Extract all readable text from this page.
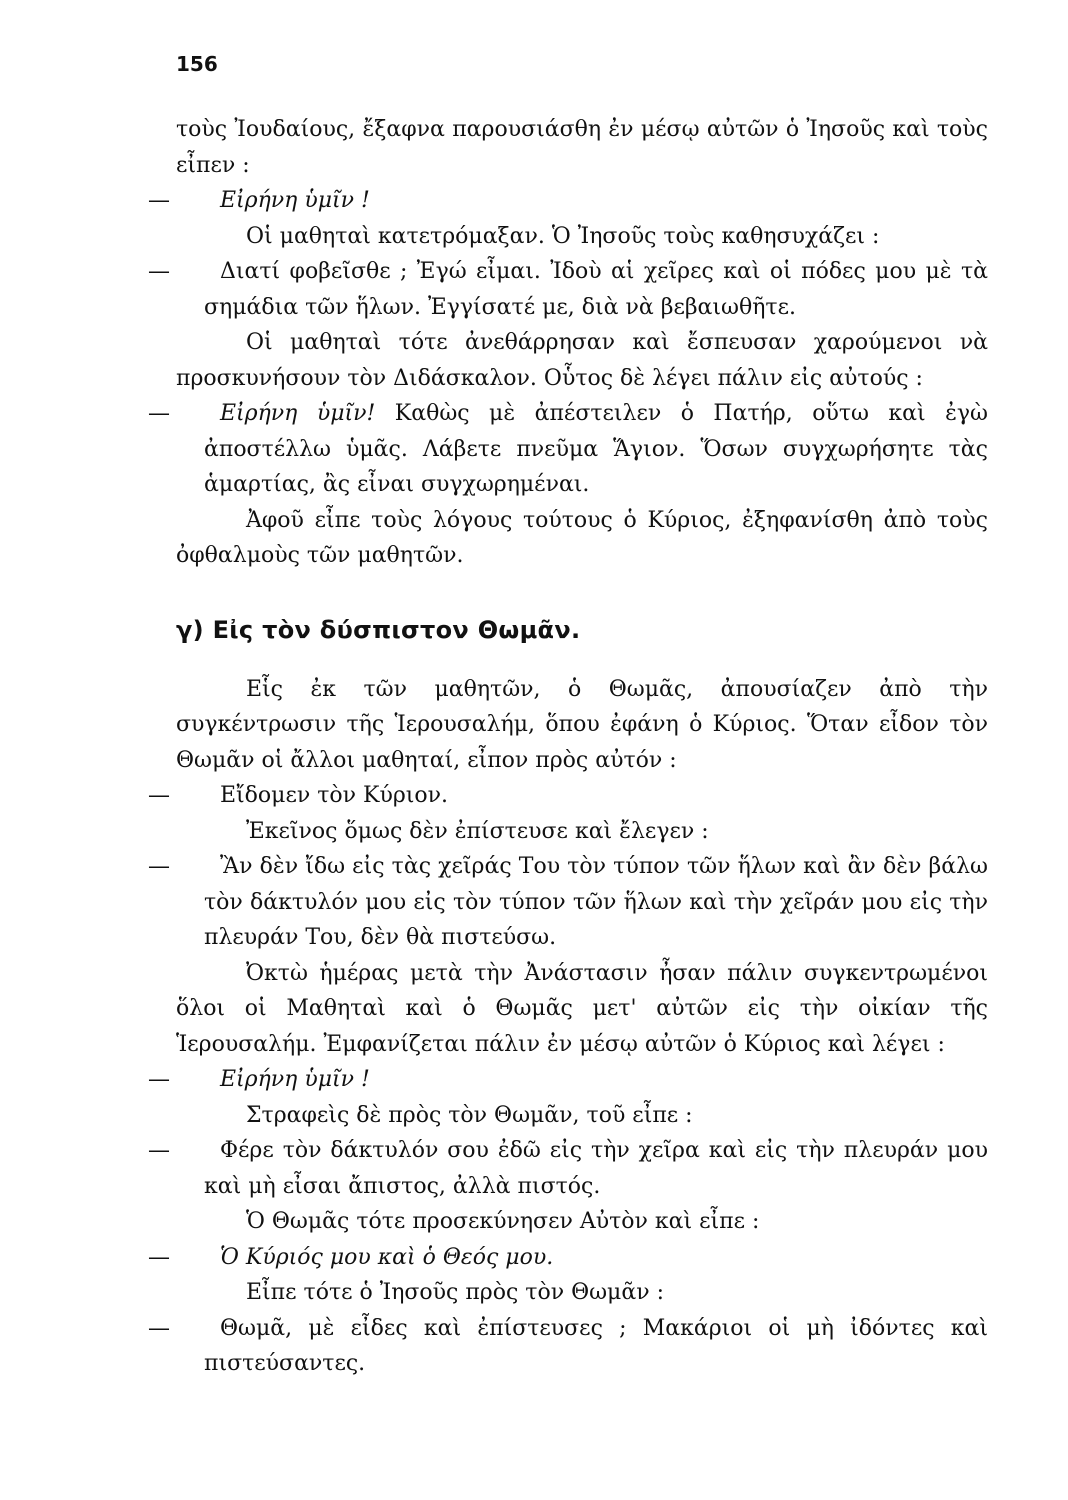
156

τοὺς Ἰουδαίους, ἔξαφνα παρουσιάσθη ἐν μέσῳ αὐτῶν ὁ Ἰησοῦς καὶ τοὺς εἶπεν :

— Εἰρήνη ὑμῖν !

Οἱ μαθηταὶ κατετρόμαξαν. Ὁ Ἰησοῦς τοὺς καθησυχάζει :

— Διατί φοβεῖσθε ; Ἐγώ εἶμαι. Ἰδοὺ αἱ χεῖρες καὶ οἱ πόδες μου μὲ τὰ σημάδια τῶν ἥλων. Ἐγγίσατέ με, διὰ νὰ βεβαιωθῆτε.

Οἱ μαθηταὶ τότε ἀνεθάρρησαν καὶ ἔσπευσαν χαρούμενοι νὰ προσκυνήσουν τὸν Διδάσκαλον. Οὗτος δὲ λέγει πάλιν εἰς αὐτούς :

— Εἰρήνη ὑμῖν! Καθὼς μὲ ἀπέστειλεν ὁ Πατήρ, οὕτω καὶ ἐγὼ ἀποστέλλω ὑμᾶς. Λάβετε πνεῦμα Ἅγιον. Ὅσων συγχωρήσητε τὰς ἁμαρτίας, ἂς εἶναι συγχωρημέναι.

Ἀφοῦ εἶπε τοὺς λόγους τούτους ὁ Κύριος, ἐξηφανίσθη ἀπὸ τοὺς ὀφθαλμοὺς τῶν μαθητῶν.

γ) Εἰς τὸν δύσπιστον Θωμᾶν.

Εἷς ἐκ τῶν μαθητῶν, ὁ Θωμᾶς, ἀπουσίαζεν ἀπὸ τὴν συγκέντρωσιν τῆς Ἱερουσαλήμ, ὅπου ἐφάνη ὁ Κύριος. Ὅταν εἶδον τὸν Θωμᾶν οἱ ἄλλοι μαθηταί, εἶπον πρὸς αὐτόν :

— Εἴδομεν τὸν Κύριον.

Ἐκεῖνος ὅμως δὲν ἐπίστευσε καὶ ἔλεγεν :

— Ἂν δὲν ἴδω εἰς τὰς χεῖράς Του τὸν τύπον τῶν ἥλων καὶ ἂν δὲν βάλω τὸν δάκτυλόν μου εἰς τὸν τύπον τῶν ἥλων καὶ τὴν χεῖράν μου εἰς τὴν πλευράν Του, δὲν θὰ πιστεύσω.

Ὀκτὼ ἡμέρας μετὰ τὴν Ἀνάστασιν ἦσαν πάλιν συγκεντρωμένοι ὅλοι οἱ Μαθηταὶ καὶ ὁ Θωμᾶς μετ' αὐτῶν εἰς τὴν οἰκίαν τῆς Ἱερουσαλήμ. Ἐμφανίζεται πάλιν ἐν μέσῳ αὐτῶν ὁ Κύριος καὶ λέγει :

— Εἰρήνη ὑμῖν !

Στραφεὶς δὲ πρὸς τὸν Θωμᾶν, τοῦ εἶπε :

— Φέρε τὸν δάκτυλόν σου ἐδῶ εἰς τὴν χεῖρα καὶ εἰς τὴν πλευράν μου καὶ μὴ εἶσαι ἄπιστος, ἀλλὰ πιστός.

Ὁ Θωμᾶς τότε προσεκύνησεν Αὐτὸν καὶ εἶπε :

— Ὁ Κύριός μου καὶ ὁ Θεός μου.

Εἶπε τότε ὁ Ἰησοῦς πρὸς τὸν Θωμᾶν :

— Θωμᾶ, μὲ εἶδες καὶ ἐπίστευσες ; Μακάριοι οἱ μὴ ἰδόντες καὶ πιστεύσαντες.
